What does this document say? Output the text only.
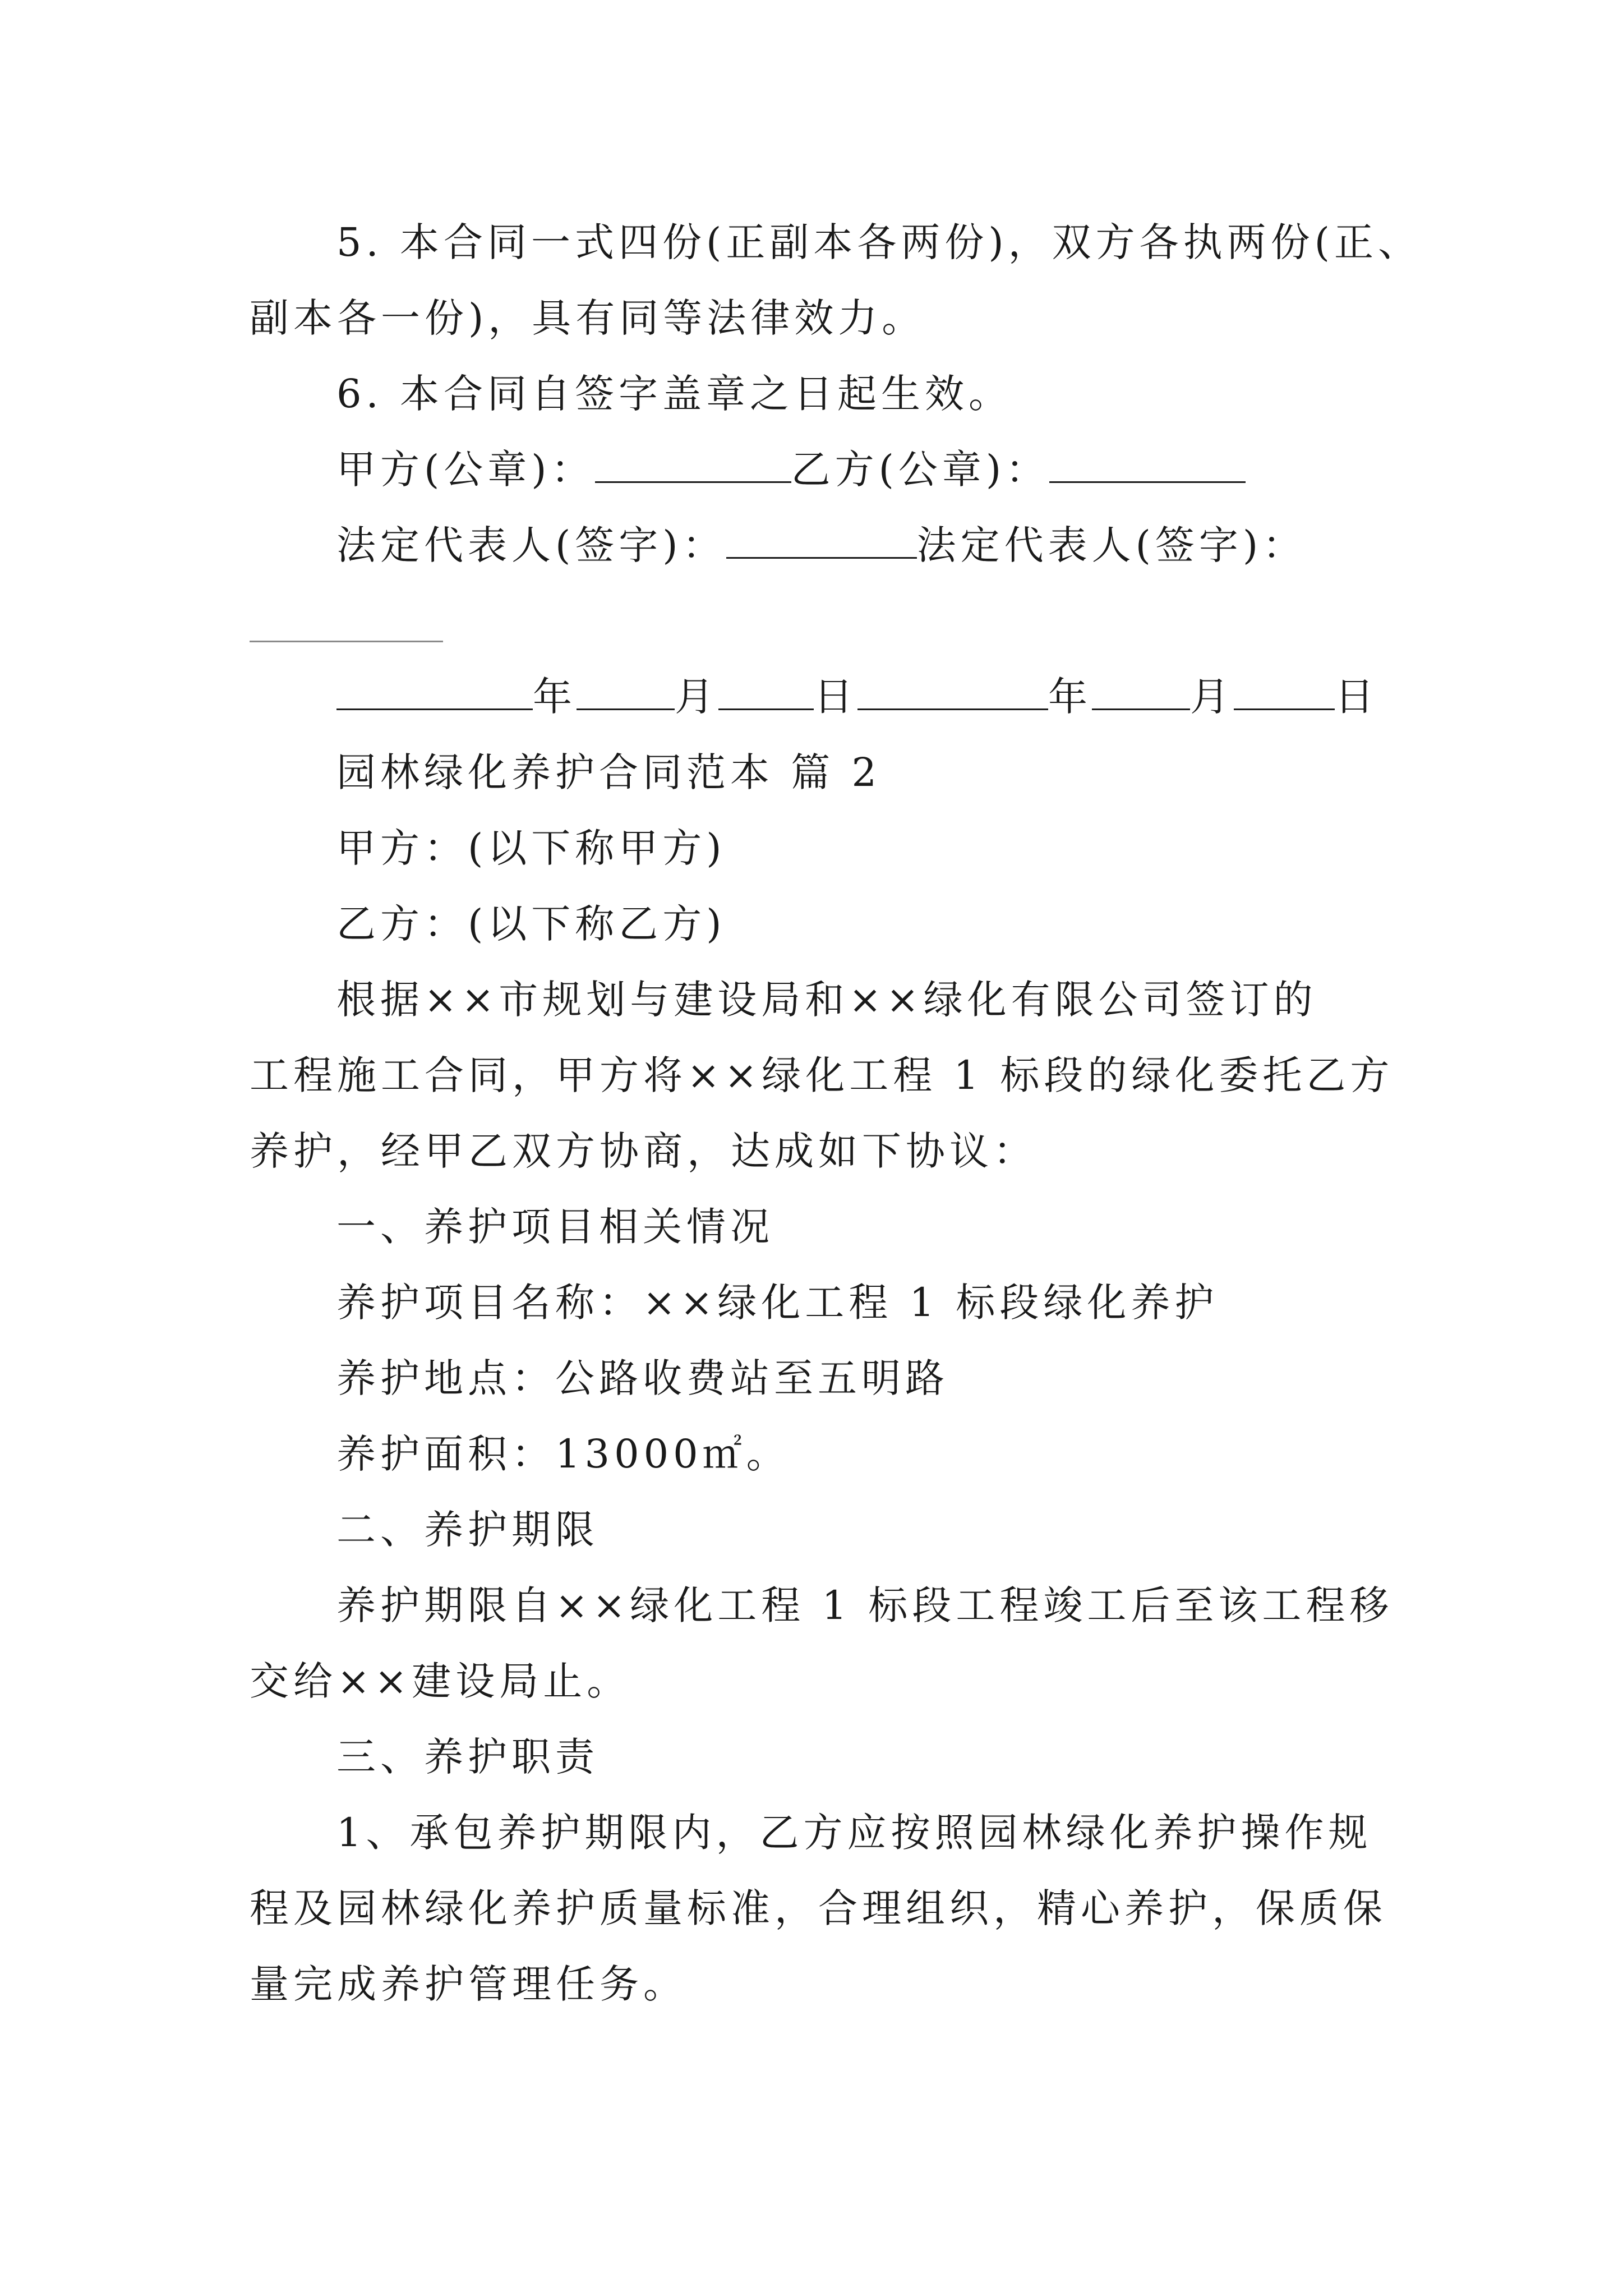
5. 本合同一式四份(正副本各两份)，双方各执两份(正、
副本各一份)，具有同等法律效力。
6. 本合同自签字盖章之日起生效。
甲方(公章)：	乙方(公章)：
法定代表人(签字)：	法定代表人(签字)：
年	月 日	年	月	日
园林绿化养护合同范本 篇 2
甲方：(以下称甲方)
乙方：(以下称乙方)
根据××市规划与建设局和××绿化有限公司签订的
工程施工合同，甲方将××绿化工程 1 标段的绿化委托乙方
养护，经甲乙双方协商，达成如下协议：
一、养护项目相关情况
养护项目名称：××绿化工程 1 标段绿化养护
养护地点：公路收费站至五明路
养护面积：13000㎡。
二、养护期限
养护期限自××绿化工程 1 标段工程竣工后至该工程移
交给××建设局止。
三、养护职责
1、承包养护期限内，乙方应按照园林绿化养护操作规
程及园林绿化养护质量标准，合理组织，精心养护，保质保
量完成养护管理任务。
